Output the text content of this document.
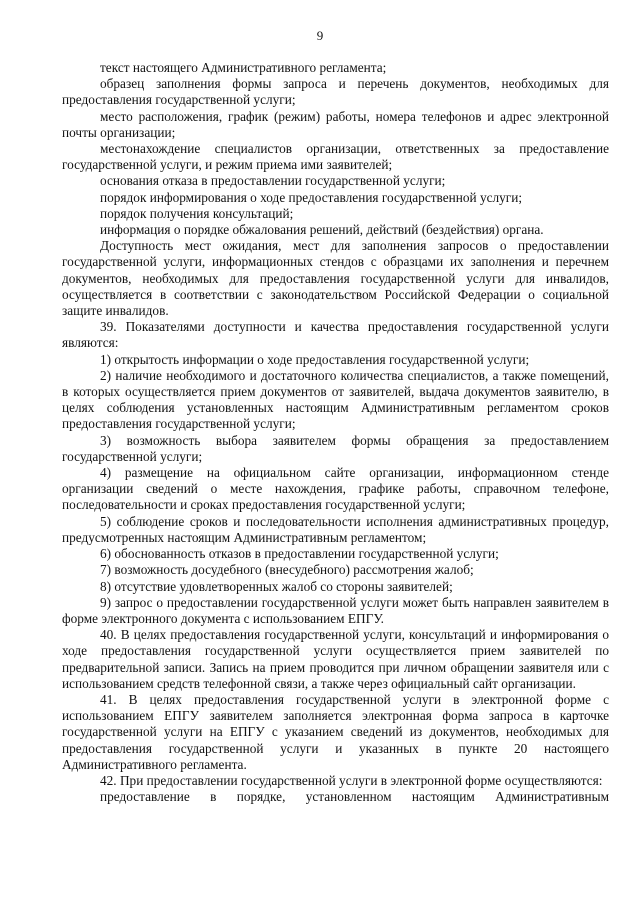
9

текст настоящего Административного регламента;

образец заполнения формы запроса и перечень документов, необходимых для предоставления государственной услуги;

место расположения, график (режим) работы, номера телефонов и адрес электронной почты организации;

местонахождение специалистов организации, ответственных за предоставление государственной услуги, и режим приема ими заявителей;

основания отказа в предоставлении государственной услуги;

порядок информирования о ходе предоставления государственной услуги;

порядок получения консультаций;

информация о порядке обжалования решений, действий (бездействия) органа.

Доступность мест ожидания, мест для заполнения запросов о предоставлении государственной услуги, информационных стендов с образцами их заполнения и перечнем документов, необходимых для предоставления государственной услуги для инвалидов, осуществляется в соответствии с законодательством Российской Федерации о социальной защите инвалидов.

39. Показателями доступности и качества предоставления государственной услуги являются:

1) открытость информации о ходе предоставления государственной услуги;

2) наличие необходимого и достаточного количества специалистов, а также помещений, в которых осуществляется прием документов от заявителей, выдача документов заявителю, в целях соблюдения установленных настоящим Административным регламентом сроков предоставления государственной услуги;

3) возможность выбора заявителем формы обращения за предоставлением государственной услуги;

4) размещение на официальном сайте организации, информационном стенде организации сведений о месте нахождения, графике работы, справочном телефоне, последовательности и сроках предоставления государственной услуги;

5) соблюдение сроков и последовательности исполнения административных процедур, предусмотренных настоящим Административным регламентом;

6) обоснованность отказов в предоставлении государственной услуги;

7) возможность досудебного (внесудебного) рассмотрения жалоб;

8) отсутствие удовлетворенных жалоб со стороны заявителей;

9) запрос о предоставлении государственной услуги может быть направлен заявителем в форме электронного документа с использованием ЕПГУ.

40. В целях предоставления государственной услуги, консультаций и информирования о ходе предоставления государственной услуги осуществляется прием заявителей по предварительной записи. Запись на прием проводится при личном обращении заявителя или с использованием средств телефонной связи, а также через официальный сайт организации.

41. В целях предоставления государственной услуги в электронной форме с использованием ЕПГУ заявителем заполняется электронная форма запроса в карточке государственной услуги на ЕПГУ с указанием сведений из документов, необходимых для предоставления государственной услуги и указанных в пункте 20 настоящего Административного регламента.

42. При предоставлении государственной услуги в электронной форме осуществляются:

предоставление в порядке, установленном настоящим Административным
